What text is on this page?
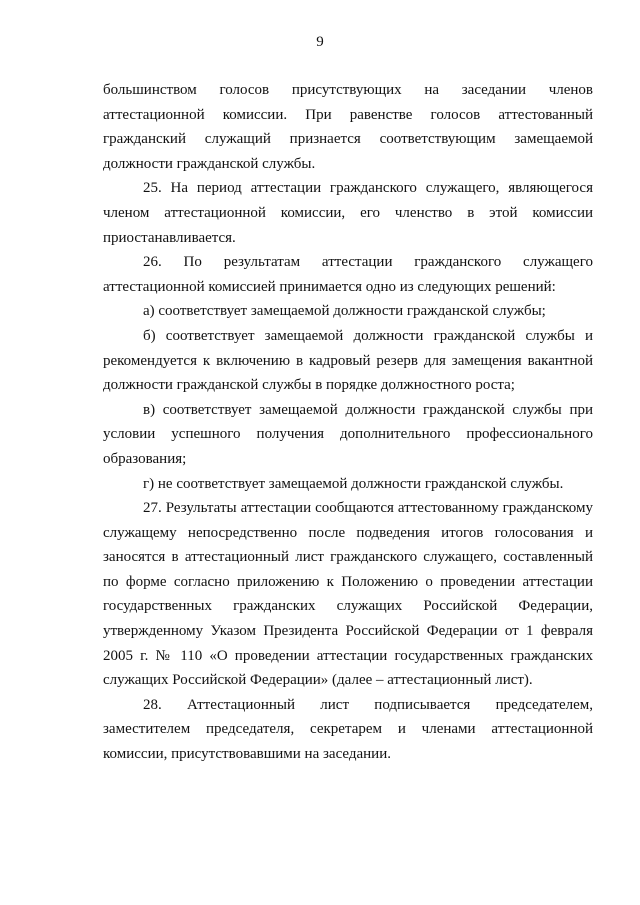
9

большинством голосов присутствующих на заседании членов аттестационной комиссии. При равенстве голосов аттестованный гражданский служащий признается соответствующим замещаемой должности гражданской службы.

25. На период аттестации гражданского служащего, являющегося членом аттестационной комиссии, его членство в этой комиссии приостанавливается.

26. По результатам аттестации гражданского служащего аттестационной комиссией принимается одно из следующих решений:

а) соответствует замещаемой должности гражданской службы;

б) соответствует замещаемой должности гражданской службы и рекомендуется к включению в кадровый резерв для замещения вакантной должности гражданской службы в порядке должностного роста;

в) соответствует замещаемой должности гражданской службы при условии успешного получения дополнительного профессионального образования;

г) не соответствует замещаемой должности гражданской службы.

27. Результаты аттестации сообщаются аттестованному гражданскому служащему непосредственно после подведения итогов голосования и заносятся в аттестационный лист гражданского служащего, составленный по форме согласно приложению к Положению о проведении аттестации государственных гражданских служащих Российской Федерации, утвержденному Указом Президента Российской Федерации от 1 февраля 2005 г. № 110 «О проведении аттестации государственных гражданских служащих Российской Федерации» (далее – аттестационный лист).

28. Аттестационный лист подписывается председателем, заместителем председателя, секретарем и членами аттестационной комиссии, присутствовавшими на заседании.
